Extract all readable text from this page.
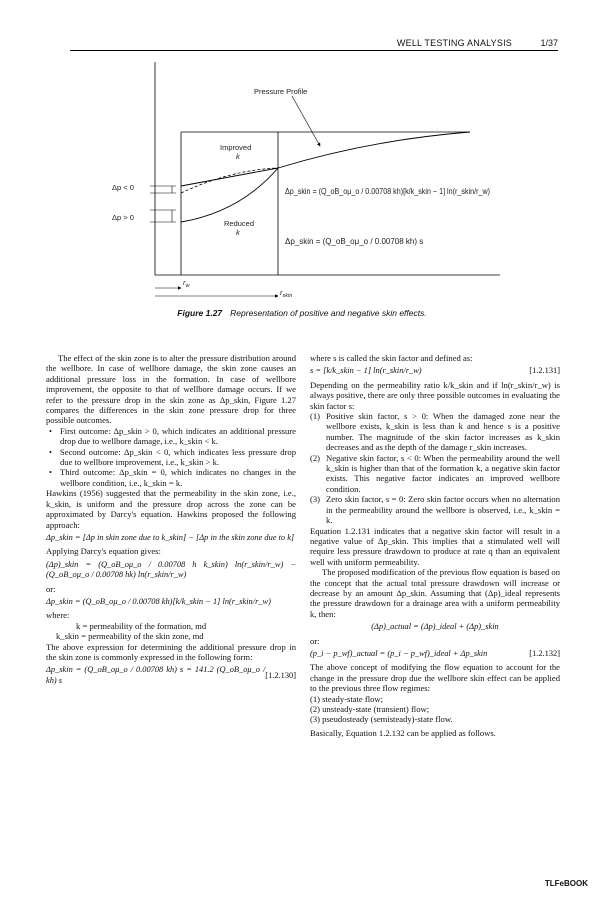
WELL TESTING ANALYSIS	1/37
Pressure Profile
Improved
k
Reduced
k
Δp < 0
Δp > 0
$r_w$
$r_{skin}$
Δp_skin = (Q_oB_oμ_o / 0.00708 kh)[k/k_skin − 1] ln(r_skin/r_w)
Δp_skin = (Q_oB_oμ_o / 0.00708 kh) s
Figure 1.27 Representation of positive and negative skin effects.

The effect of the skin zone is to alter the pressure distribution around the wellbore. In case of wellbore damage, the skin zone causes an additional pressure loss in the formation. In case of wellbore improvement, the opposite to that of wellbore damage occurs. If we refer to the pressure drop in the skin zone as Δp_skin, Figure 1.27 compares the differences in the skin zone pressure drop for three possible outcomes.

• First outcome: Δp_skin > 0, which indicates an additional pressure drop due to wellbore damage, i.e., k_skin < k.

• Second outcome: Δp_skin < 0, which indicates less pressure drop due to wellbore improvement, i.e., k_skin > k.

• Third outcome: Δp_skin = 0, which indicates no changes in the wellbore condition, i.e., k_skin = k.

Hawkins (1956) suggested that the permeability in the skin zone, i.e., k_skin, is uniform and the pressure drop across the zone can be approximated by Darcy's equation. Hawkins proposed the following approach:

Δp_skin = [Δp in skin zone due to k_skin] − [Δp in the skin zone due to k]

Applying Darcy's equation gives:

(Δp)_skin = (Q_oB_oμ_o / 0.00708 h k_skin) ln(r_skin/r_w) − (Q_oB_oμ_o / 0.00708 hk) ln(r_skin/r_w)

or:

Δp_skin = (Q_oB_oμ_o / 0.00708 kh)[k/k_skin − 1] ln(r_skin/r_w)

where:

k = permeability of the formation, md

k_skin = permeability of the skin zone, md

The above expression for determining the additional pressure drop in the skin zone is commonly expressed in the following form:

Δp_skin = (Q_oB_oμ_o / 0.00708 kh) s = 141.2 (Q_oB_oμ_o / kh) s
[1.2.130]

where s is called the skin factor and defined as:

s = [k/k_skin − 1] ln(r_skin/r_w)	[1.2.131]

Depending on the permeability ratio k/k_skin and if ln(r_skin/r_w) is always positive, there are only three possible outcomes in evaluating the skin factor s:

(1) Positive skin factor, s > 0: When the damaged zone near the wellbore exists, k_skin is less than k and hence s is a positive number. The magnitude of the skin factor increases as k_skin decreases and as the depth of the damage r_skin increases.

(2) Negative skin factor, s < 0: When the permeability around the well k_skin is higher than that of the formation k, a negative skin factor exists. This negative factor indicates an improved wellbore condition.

(3) Zero skin factor, s = 0: Zero skin factor occurs when no alternation in the permeability around the wellbore is observed, i.e., k_skin = k.

Equation 1.2.131 indicates that a negative skin factor will result in a negative value of Δp_skin. This implies that a stimulated well will require less pressure drawdown to produce at rate q than an equivalent well with uniform permeability.

The proposed modification of the previous flow equation is based on the concept that the actual total pressure drawdown will increase or decrease by an amount Δp_skin. Assuming that (Δp)_ideal represents the pressure drawdown for a drainage area with a uniform permeability k, then:

(Δp)_actual = (Δp)_ideal + (Δp)_skin

or:

(p_i − p_wf)_actual = (p_i − p_wf)_ideal + Δp_skin	[1.2.132]

The above concept of modifying the flow equation to account for the change in the pressure drop due the wellbore skin effect can be applied to the previous three flow regimes:

(1) steady-state flow;

(2) unsteady-state (transient) flow;

(3) pseudosteady (semisteady)-state flow.

Basically, Equation 1.2.132 can be applied as follows.

TLFeBOOK
